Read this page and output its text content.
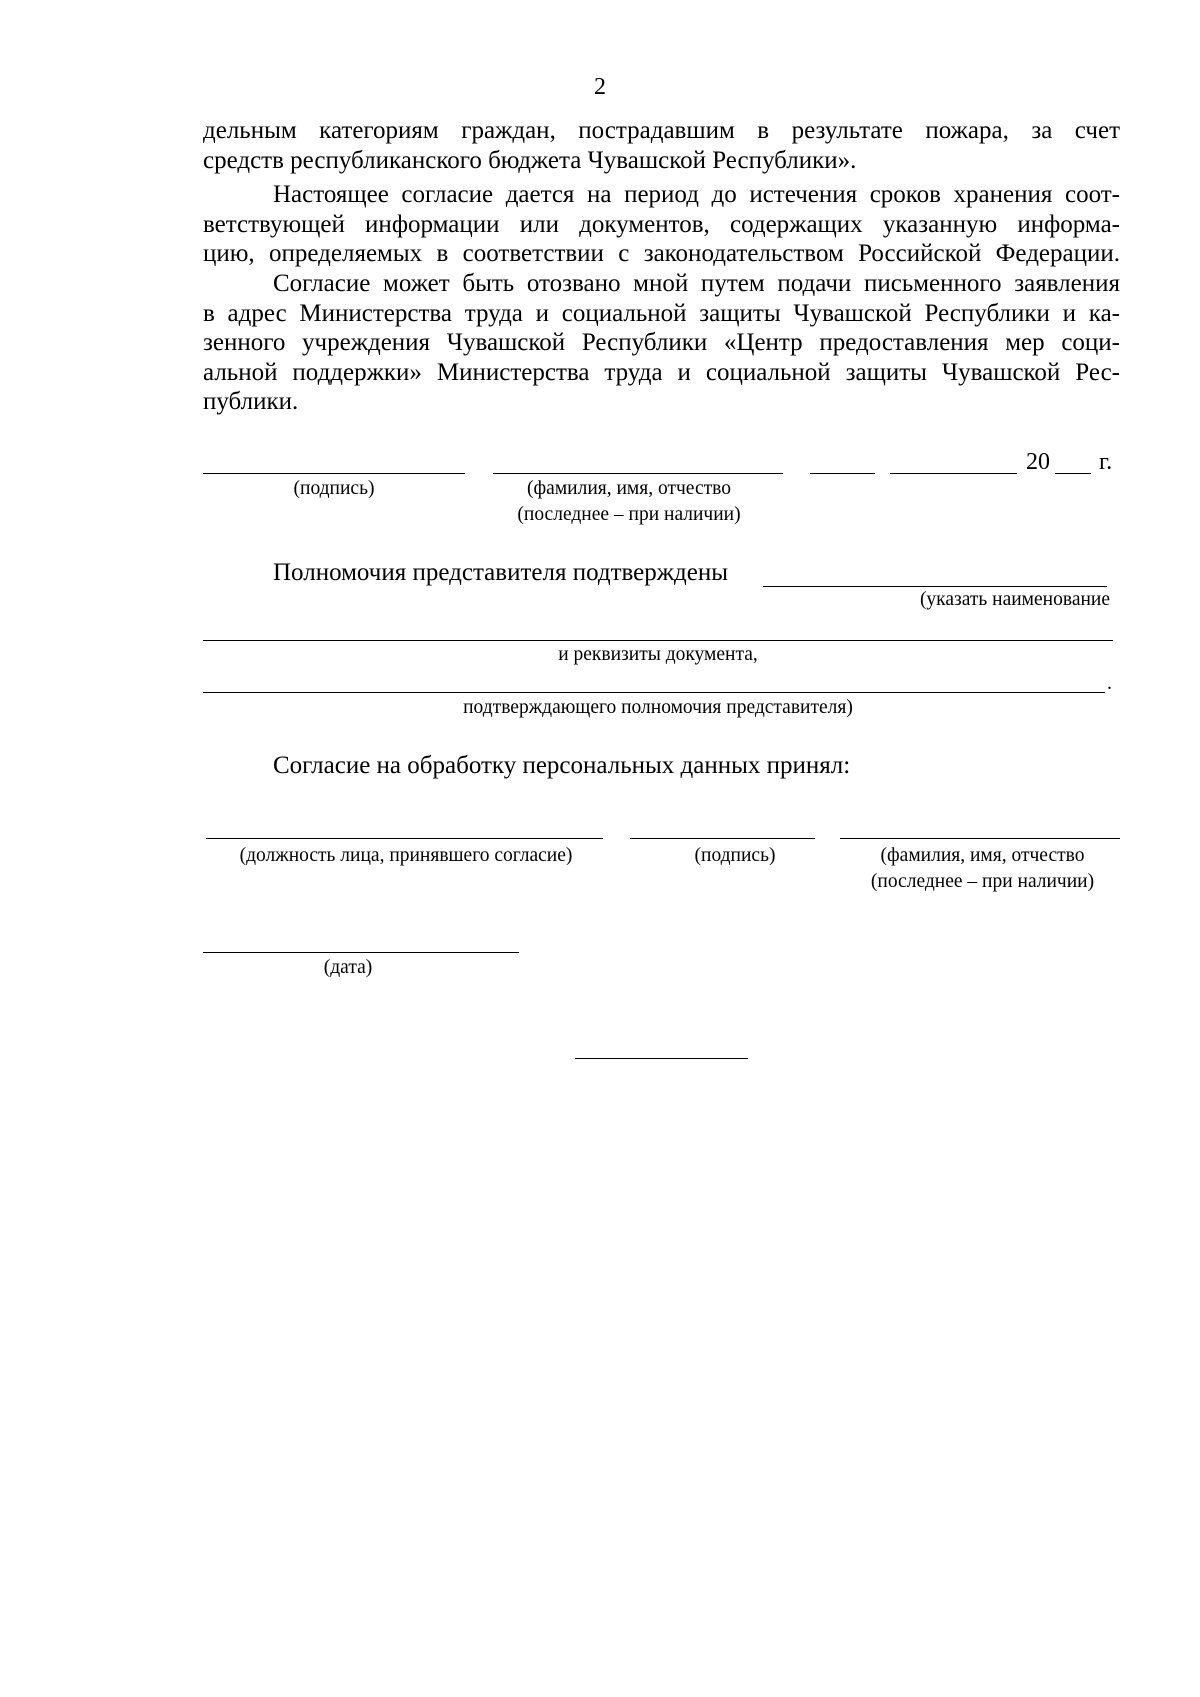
2
дельным категориям граждан, пострадавшим в результате пожара, за счет
средств республиканского бюджета Чувашской Республики».
Настоящее согласие дается на период до истечения сроков хранения соот-
ветствующей информации или документов, содержащих указанную информа-
цию, определяемых в соответствии с законодательством Российской Федерации.
Согласие может быть отозвано мной путем подачи письменного заявления
в адрес Министерства труда и социальной защиты Чувашской Республики и ка-
зенного учреждения Чувашской Республики «Центр предоставления мер соци-
альной поддержки» Министерства труда и социальной защиты Чувашской Рес-
публики.
20 г.
(подпись)	(фамилия, имя, отчество
(последнее – при наличии)
Полномочия представителя подтверждены
(указать наименование
и реквизиты документа,
.
подтверждающего полномочия представителя)
Согласие на обработку персональных данных принял:
(должность лица, принявшего согласие)	(подпись)	(фамилия, имя, отчество
(последнее – при наличии)
(дата)
